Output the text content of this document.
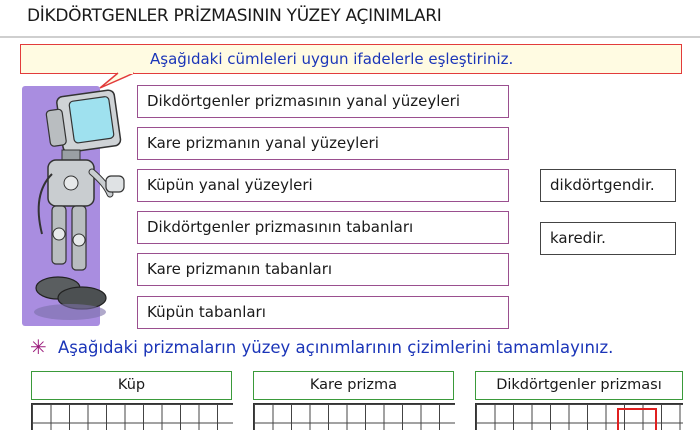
DİKDÖRTGENLER PRİZMASININ YÜZEY AÇINIMLARI
Aşağıdaki cümleleri uygun ifadelerle eşleştiriniz.
Dikdörtgenler prizmasının yanal yüzeyleri
Kare prizmanın yanal yüzeyleri
Küpün yanal yüzeyleri
Dikdörtgenler prizmasının tabanları
Kare prizmanın tabanları
Küpün tabanları
dikdörtgendir.
karedir.
✳ Aşağıdaki prizmaların yüzey açınımlarının çizimlerini tamamlayınız.
Küp	Kare prizma	Dikdörtgenler prizması
